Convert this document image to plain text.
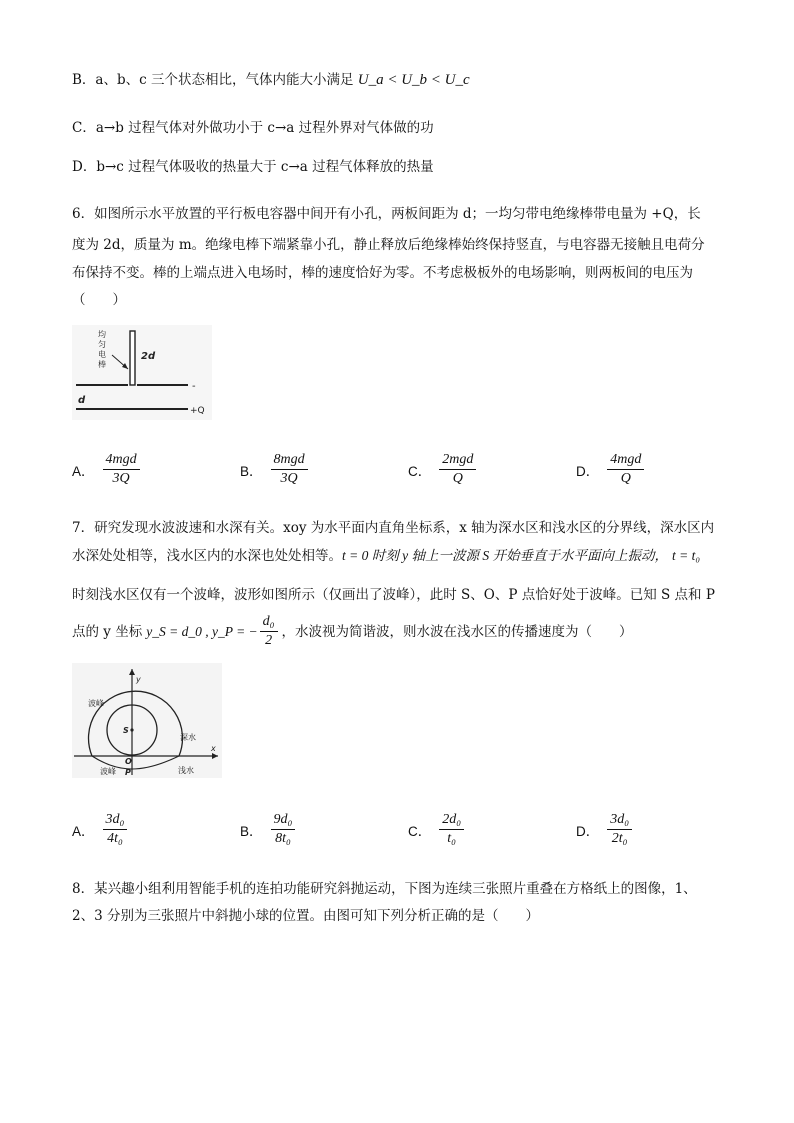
B．a、b、c 三个状态相比，气体内能大小满足 U_a < U_b < U_c
C．a→b 过程气体对外做功小于 c→a 过程外界对气体做的功
D．b→c 过程气体吸收的热量大于 c→a 过程气体释放的热量
6．如图所示水平放置的平行板电容器中间开有小孔，两板间距为 d；一均匀带电绝缘棒带电量为 +Q，长
度为 2d，质量为 m。绝缘电棒下端紧靠小孔，静止释放后绝缘棒始终保持竖直，与电容器无接触且电荷分
布保持不变。棒的上端点进入电场时，棒的速度恰好为零。不考虑极板外的电场影响，则两板间的电压为
（　　）
均
匀
电
棒
2d
d
-
+Q
A． $\frac{\text{4mgd}}{3Q}$	B． $\frac{\text{8mgd}}{3Q}$	C． $\frac{\text{2mgd}}{Q}$	D． $\frac{\text{4mgd}}{Q}$
7．研究发现水波波速和水深有关。xoy 为水平面内直角坐标系，x 轴为深水区和浅水区的分界线，深水区内
水深处处相等，浅水区内的水深也处处相等。t = 0 时刻 y 轴上一波源 S 开始垂直于水平面向上振动， t = t₀
时刻浅水区仅有一个波峰，波形如图所示（仅画出了波峰），此时 S、O、P 点恰好处于波峰。已知 S 点和 P
点的 y 坐标 y_S = d_0 , y_P = − $\frac{\text{d₀}}{2}$ ，水波视为简谐波，则水波在浅水区的传播速度为（　　）
y
x
波峰
波峰
深水
浅水
S
O
P
A． $\frac{\text{3d₀}}{\text{4t₀}}$	B． $\frac{\text{9d₀}}{\text{8t₀}}$	C． $\frac{\text{2d₀}}{\text{t₀}}$	D． $\frac{\text{3d₀}}{\text{2t₀}}$
8．某兴趣小组利用智能手机的连拍功能研究斜抛运动，下图为连续三张照片重叠在方格纸上的图像，1、
2、3 分别为三张照片中斜抛小球的位置。由图可知下列分析正确的是（　　）
